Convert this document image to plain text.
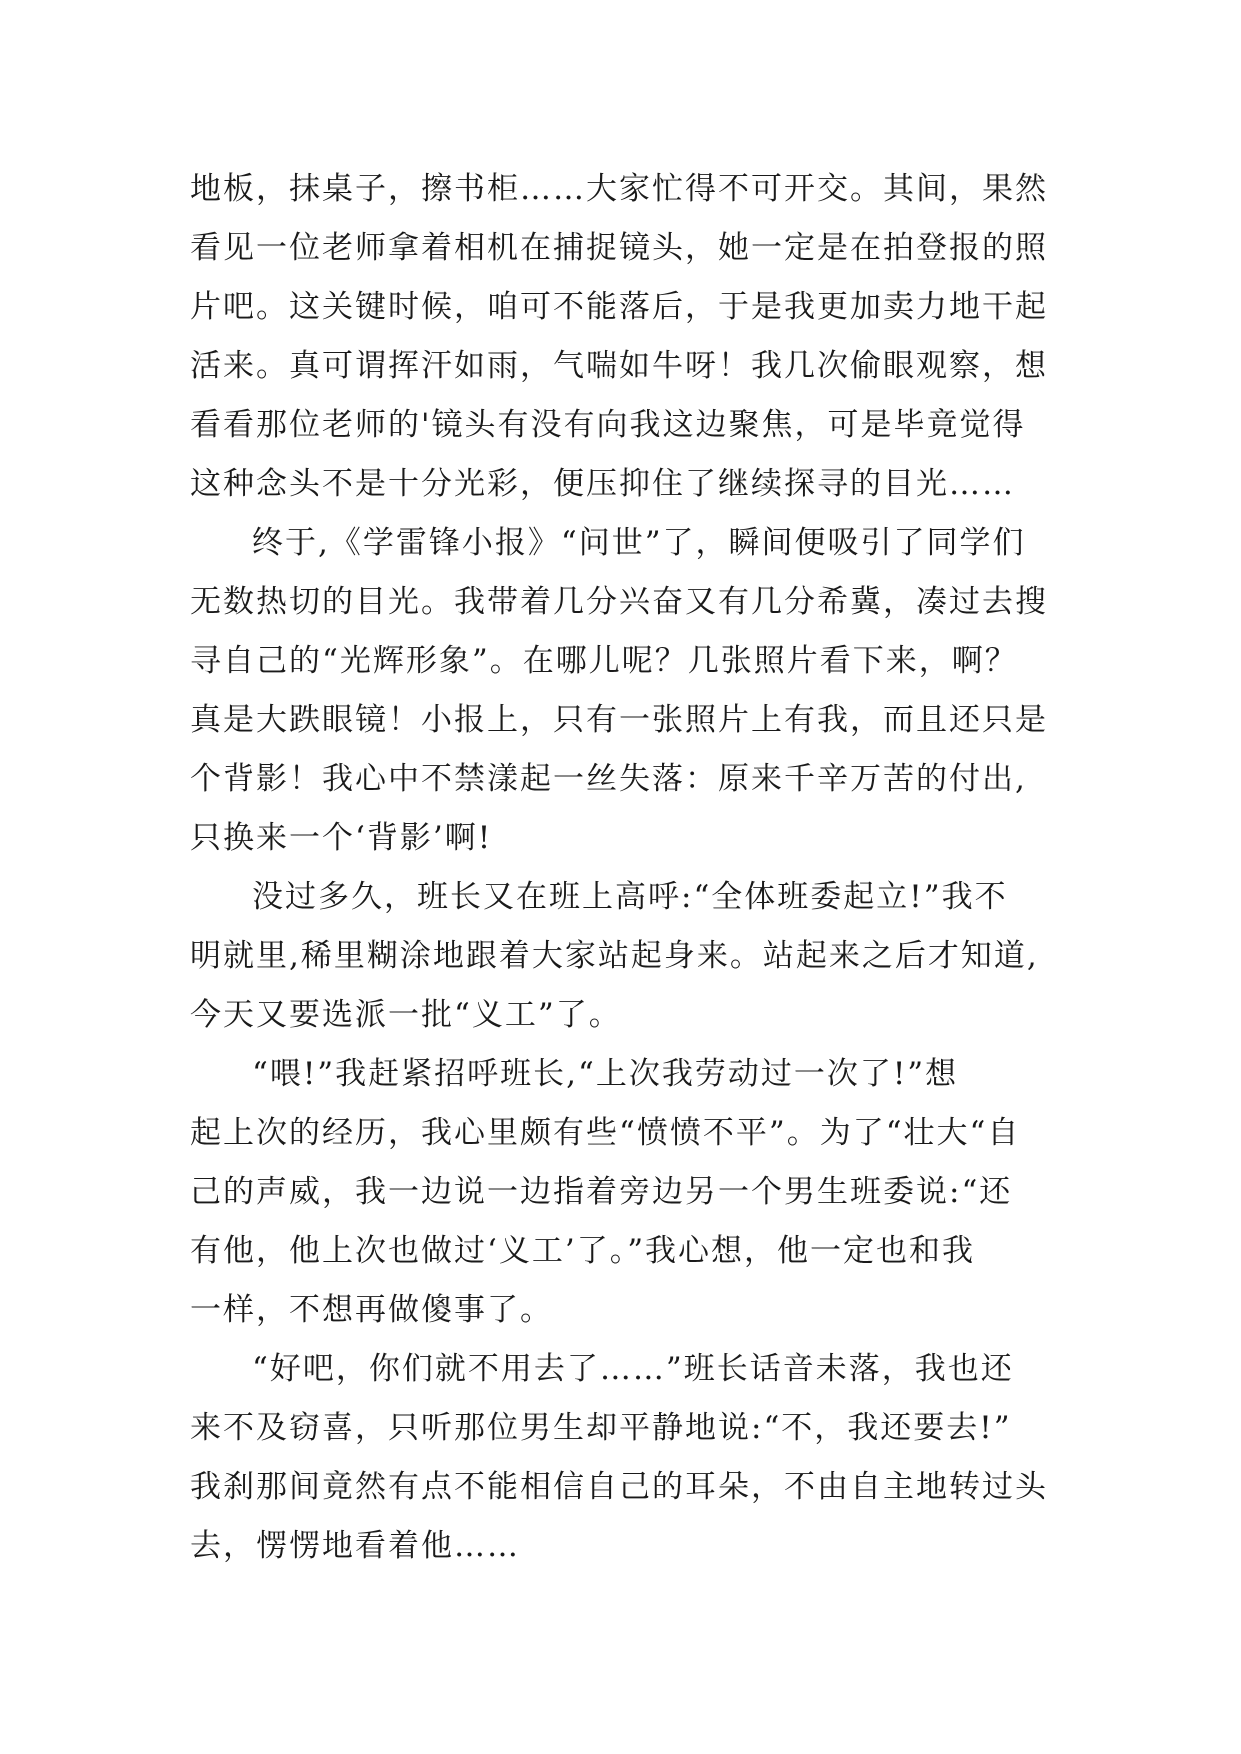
地板，抹桌子，擦书柜……大家忙得不可开交。其间，果然
看见一位老师拿着相机在捕捉镜头，她一定是在拍登报的照
片吧。这关键时候，咱可不能落后，于是我更加卖力地干起
活来。真可谓挥汗如雨，气喘如牛呀！我几次偷眼观察，想
看看那位老师的'镜头有没有向我这边聚焦，可是毕竟觉得
这种念头不是十分光彩，便压抑住了继续探寻的目光……

终于,《学雷锋小报》“问世”了，瞬间便吸引了同学们
无数热切的目光。我带着几分兴奋又有几分希冀，凑过去搜
寻自己的“光辉形象”。在哪儿呢？几张照片看下来，啊？
真是大跌眼镜！小报上，只有一张照片上有我，而且还只是
个背影！我心中不禁漾起一丝失落：原来千辛万苦的付出,
只换来一个‘背影’啊!

没过多久，班长又在班上高呼:“全体班委起立!”我不
明就里,稀里糊涂地跟着大家站起身来。站起来之后才知道,
今天又要选派一批“义工”了。

“喂!”我赶紧招呼班长,“上次我劳动过一次了!”想
起上次的经历，我心里颇有些“愤愤不平”。为了“壮大“自
己的声威，我一边说一边指着旁边另一个男生班委说:“还
有他，他上次也做过‘义工’了。”我心想，他一定也和我
一样，不想再做傻事了。

“好吧，你们就不用去了……”班长话音未落，我也还
来不及窃喜，只听那位男生却平静地说:“不，我还要去!”
我刹那间竟然有点不能相信自己的耳朵，不由自主地转过头
去，愣愣地看着他……
